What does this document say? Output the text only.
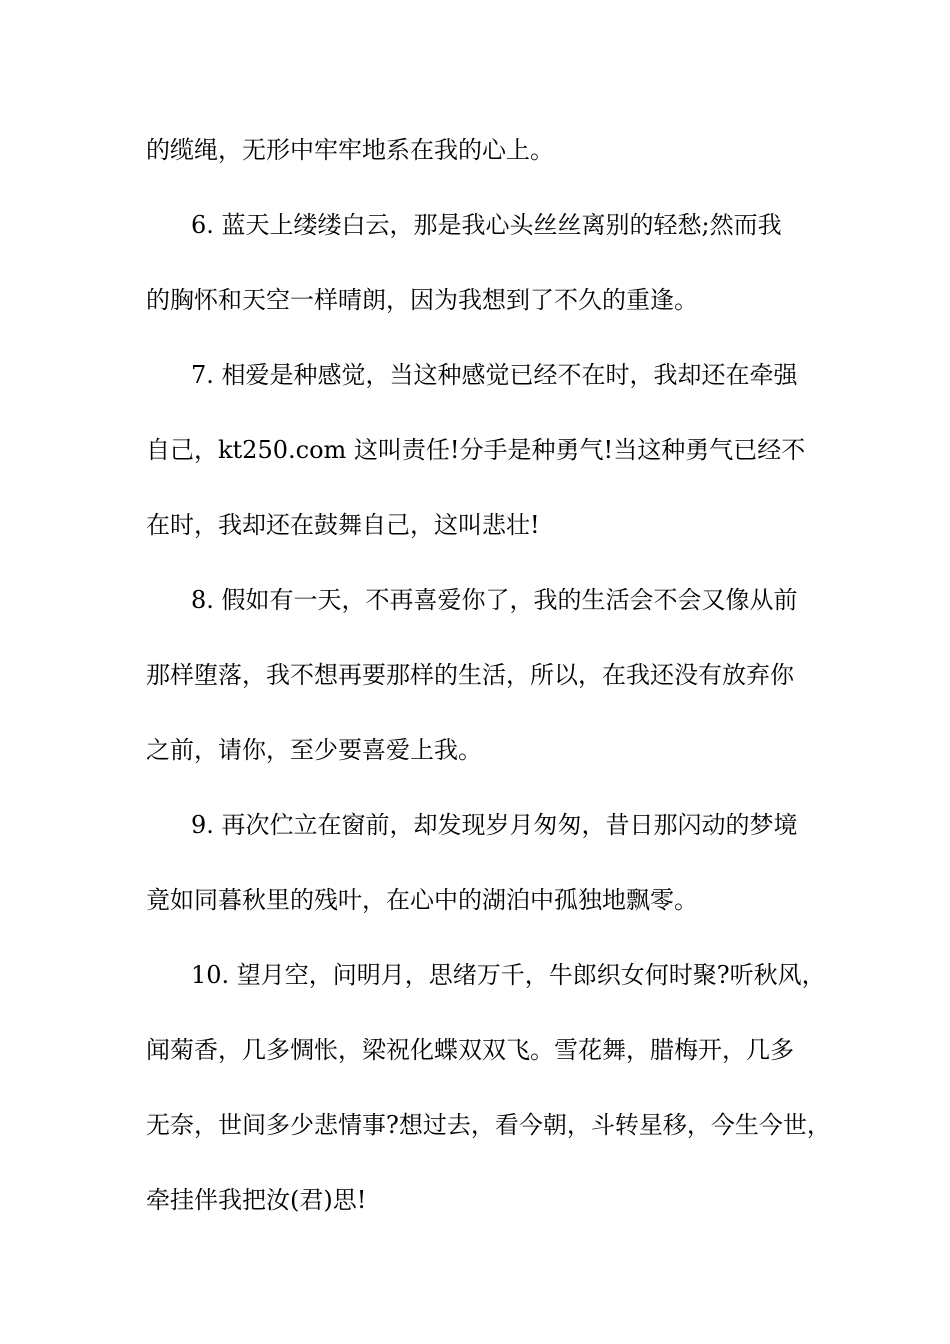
的缆绳，无形中牢牢地系在我的心上。
6. 蓝天上缕缕白云，那是我心头丝丝离别的轻愁;然而我
的胸怀和天空一样晴朗，因为我想到了不久的重逢。
7. 相爱是种感觉，当这种感觉已经不在时，我却还在牵强
自己，kt250.com 这叫责任!分手是种勇气!当这种勇气已经不
在时，我却还在鼓舞自己，这叫悲壮!
8. 假如有一天，不再喜爱你了，我的生活会不会又像从前
那样堕落，我不想再要那样的生活，所以，在我还没有放弃你
之前，请你，至少要喜爱上我。
9. 再次伫立在窗前，却发现岁月匆匆，昔日那闪动的梦境
竟如同暮秋里的残叶，在心中的湖泊中孤独地飘零。
10. 望月空，问明月，思绪万千，牛郎织女何时聚?听秋风，
闻菊香，几多惆怅，梁祝化蝶双双飞。雪花舞，腊梅开，几多
无奈，世间多少悲情事?想过去，看今朝，斗转星移，今生今世，
牵挂伴我把汝(君)思!
